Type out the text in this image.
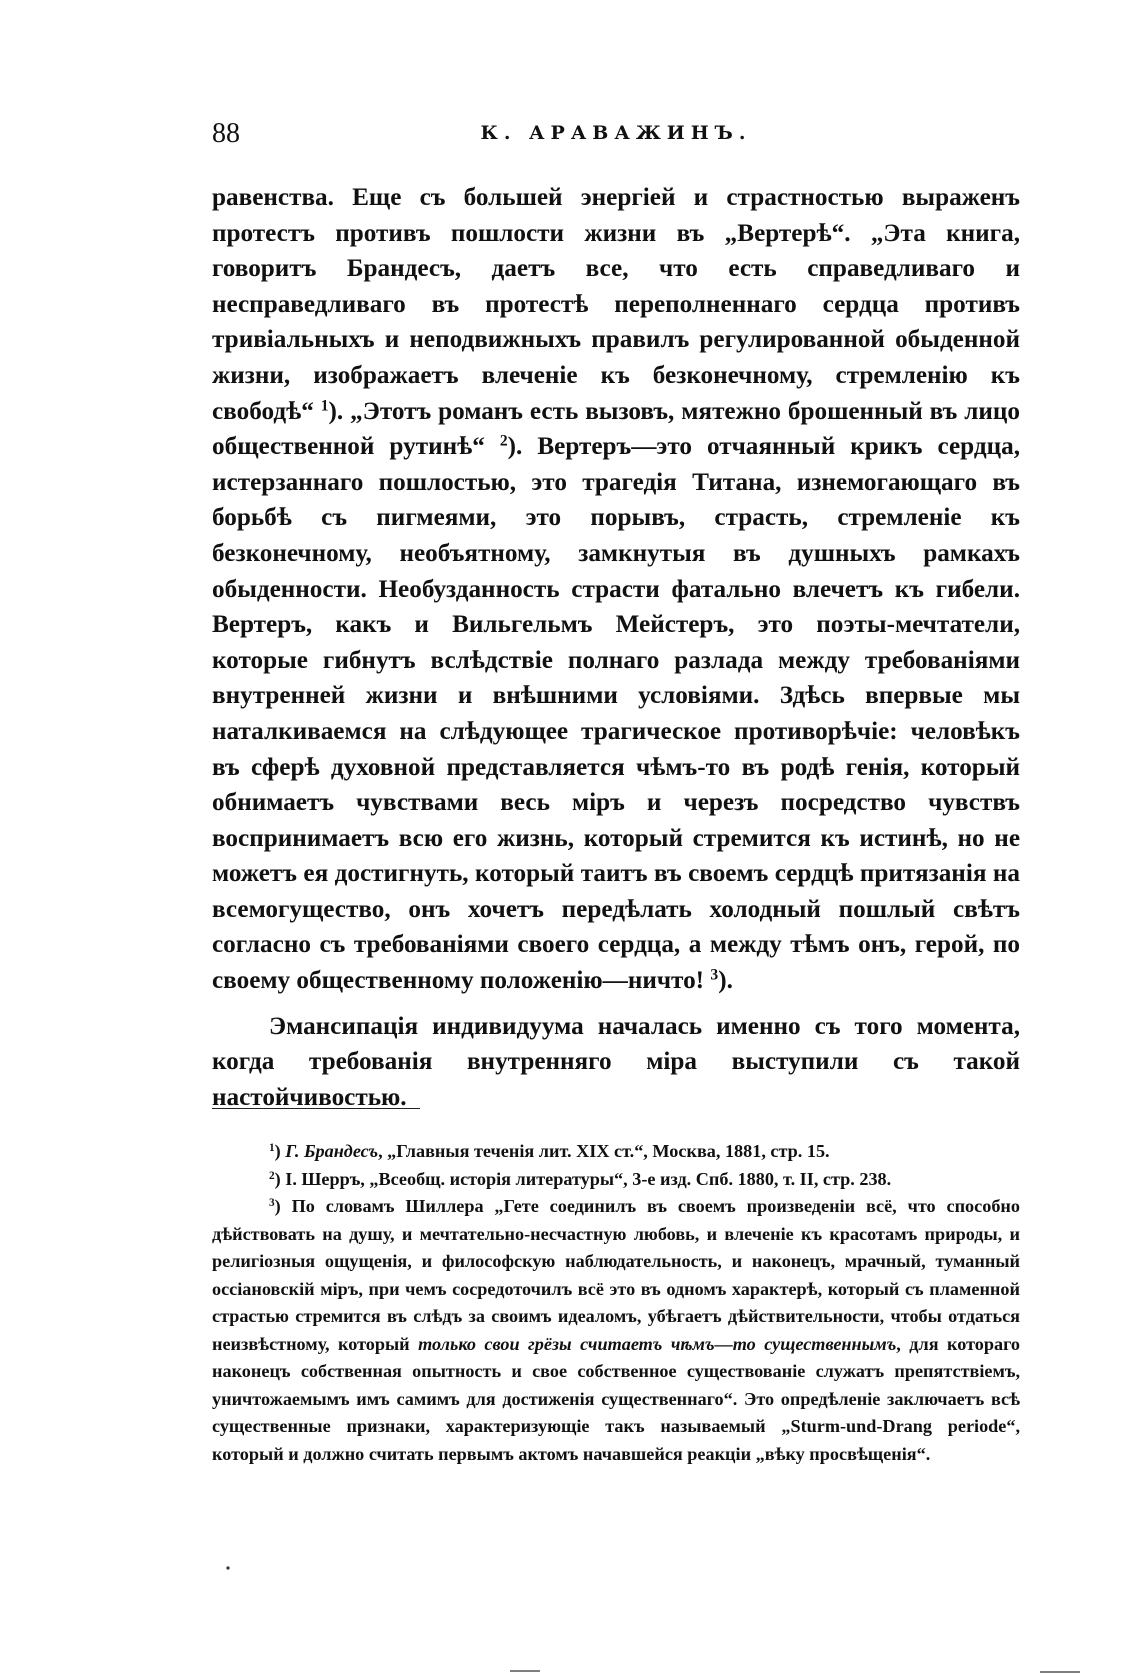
88	К. АРАВАЖИНЪ.

равенства. Еще съ большей энергiей и страстностью выраженъ протестъ противъ пошлости жизни въ „Вертерѣ“. „Эта книга, говоритъ Брандесъ, даетъ все, что есть справедливаго и несправедливаго въ протестѣ переполненнаго сердца противъ тривiальныхъ и неподвижныхъ правилъ регулированной обыденной жизни, изображаетъ влеченiе къ безконечному, стремленiю къ свободѣ“ $^1$). „Этотъ романъ есть вызовъ, мятежно брошенный въ лицо общественной рутинѣ“ $^2$). Вертеръ—это отчаянный крикъ сердца, истерзаннаго пошлостью, это трагедiя Титана, изнемогающаго въ борьбѣ съ пигмеями, это порывъ, страсть, стремленiе къ безконечному, необъятному, замкнутыя въ душныхъ рамкахъ обыденности. Необузданность страсти фатально влечетъ къ гибели. Вертеръ, какъ и Вильгельмъ Мейстеръ, это поэты-мечтатели, которые гибнутъ вслѣдствiе полнаго разлада между требованiями внутренней жизни и внѣшними условiями. Здѣсь впервые мы наталкиваемся на слѣдующее трагическое противорѣчiе: человѣкъ въ сферѣ духовной представляется чѣмъ-то въ родѣ генiя, который обнимаетъ чувствами весь мiръ и черезъ посредство чувствъ воспринимаетъ всю его жизнь, который стремится къ истинѣ, но не можетъ ея достигнуть, который таитъ въ своемъ сердцѣ притязанiя на всемогущество, онъ хочетъ передѣлать холодный пошлый свѣтъ согласно съ требованiями своего сердца, а между тѣмъ онъ, герой, по своему общественному положенiю—ничто! $^3$).

Эмансипацiя индивидуума началась именно съ того момента, когда требованiя внутренняго мiра выступили съ такой настойчивостью.

$^1$) Г. Брандесъ, „Главныя теченiя лит. XIX ст.“, Москва, 1881, стр. 15.

$^2$) I. Шерръ, „Всеобщ. исторiя литературы“, 3-е изд. Спб. 1880, т. II, стр. 238.

$^3$) По словамъ Шиллера „Гете соединилъ въ своемъ произведенiи всё, что способно дѣйствовать на душу, и мечтательно-несчастную любовь, и влеченiе къ красотамъ природы, и религiозныя ощущенiя, и философскую наблюдательность, и наконецъ, мрачный, туманный оссiановскiй мiръ, при чемъ сосредоточилъ всё это въ одномъ характерѣ, который съ пламенной страстью стремится въ слѣдъ за своимъ идеаломъ, убѣгаетъ дѣйствительности, чтобы отдаться неизвѣстному, который только свои грёзы считаетъ чѣмъ—то существеннымъ, для котораго наконецъ собственная опытность и свое собственное существованiе служатъ препятствiемъ, уничтожаемымъ имъ самимъ для достиженiя существеннаго“. Это опредѣленiе заключаетъ всѣ существенные признаки, характеризующiе такъ называемый „Sturm-und-Drang periode“, который и должно считать первымъ актомъ начавшейся реакцiи „вѣку просвѣщенiя“.
